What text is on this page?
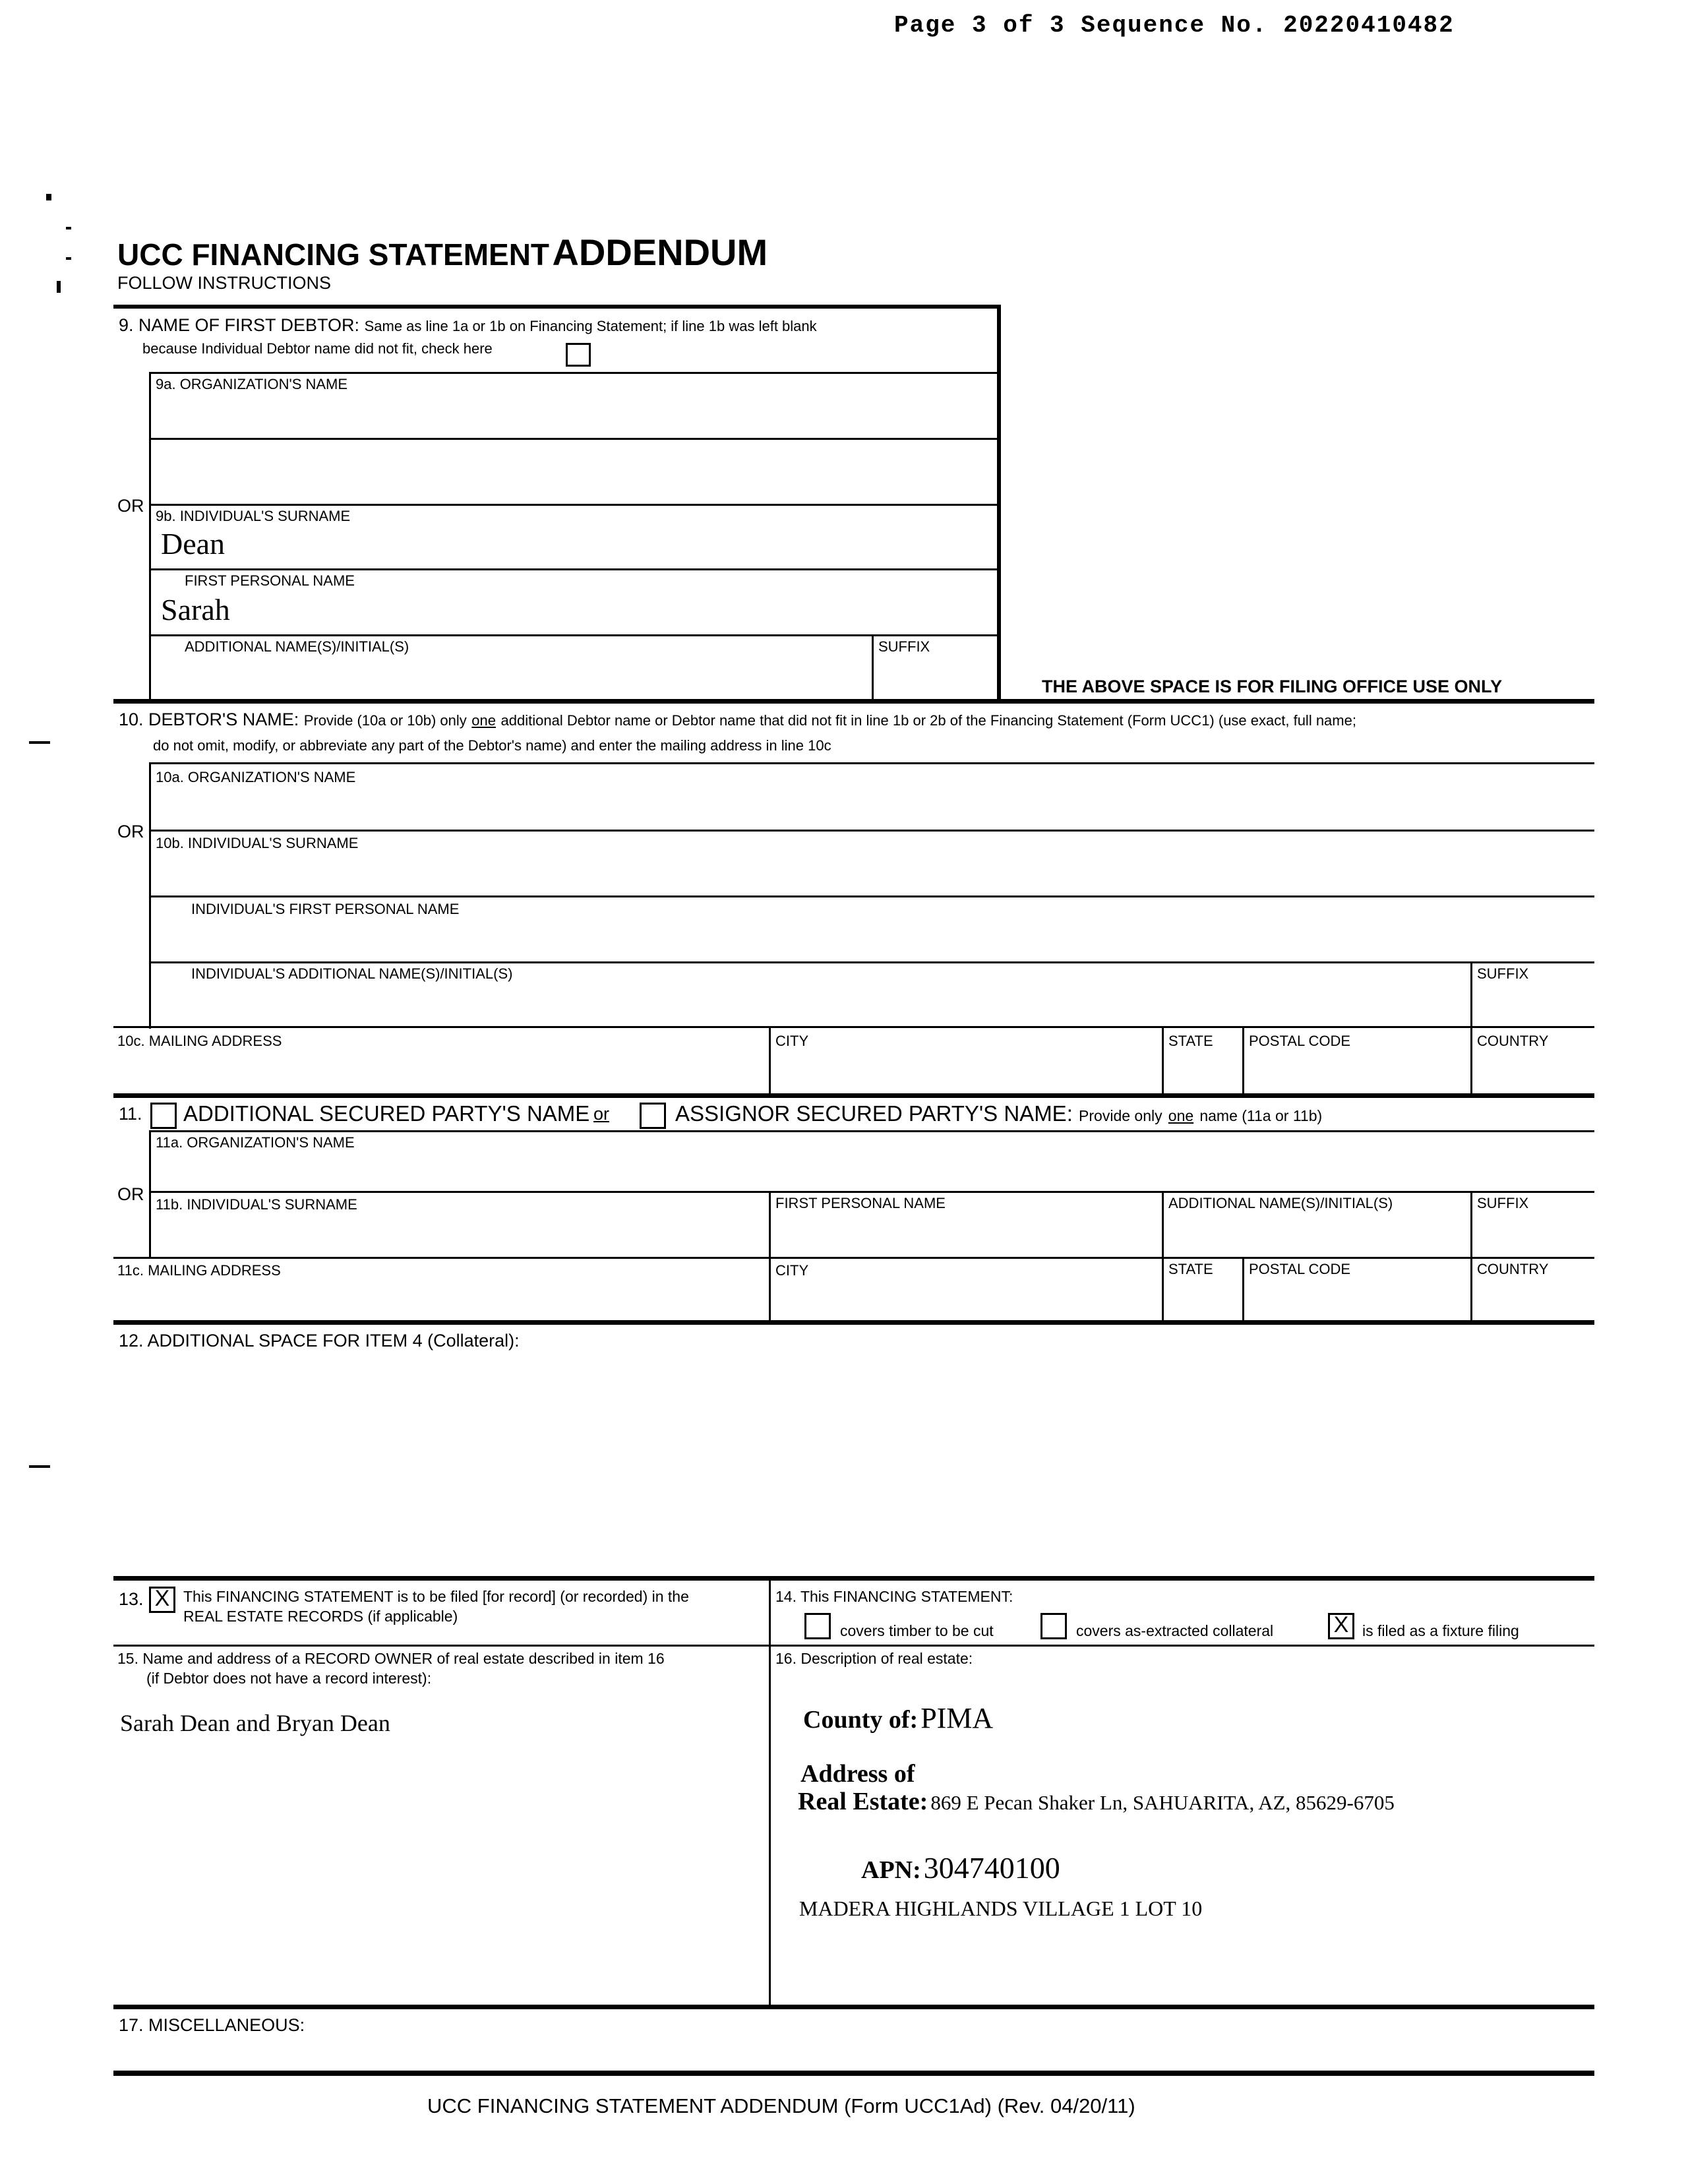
Page 3 of 3 Sequence No. 20220410482
UCC FINANCING STATEMENT ADDENDUM
FOLLOW INSTRUCTIONS
9. NAME OF FIRST DEBTOR: Same as line 1a or 1b on Financing Statement; if line 1b was left blank
because Individual Debtor name did not fit, check here
9a. ORGANIZATION'S NAME
OR
9b. INDIVIDUAL'S SURNAME
Dean
FIRST PERSONAL NAME
Sarah
ADDITIONAL NAME(S)/INITIAL(S)	SUFFIX
THE ABOVE SPACE IS FOR FILING OFFICE USE ONLY
10. DEBTOR'S NAME: Provide (10a or 10b) only one additional Debtor name or Debtor name that did not fit in line 1b or 2b of the Financing Statement (Form UCC1) (use exact, full name;
do not omit, modify, or abbreviate any part of the Debtor's name) and enter the mailing address in line 10c
10a. ORGANIZATION'S NAME
OR
10b. INDIVIDUAL'S SURNAME
INDIVIDUAL'S FIRST PERSONAL NAME
INDIVIDUAL'S ADDITIONAL NAME(S)/INITIAL(S)	SUFFIX
10c. MAILING ADDRESS	CITY	STATE POSTAL CODE	COUNTRY
11. ADDITIONAL SECURED PARTY'S NAME or	ASSIGNOR SECURED PARTY'S NAME: Provide only one name (11a or 11b)
11a. ORGANIZATION'S NAME
OR
11b. INDIVIDUAL'S SURNAME	FIRST PERSONAL NAME	ADDITIONAL NAME(S)/INITIAL(S)	SUFFIX
11c. MAILING ADDRESS	CITY	STATE POSTAL CODE	COUNTRY
12. ADDITIONAL SPACE FOR ITEM 4 (Collateral):
13. X This FINANCING STATEMENT is to be filed [for record] (or recorded) in the
REAL ESTATE RECORDS (if applicable)
14. This FINANCING STATEMENT:
covers timber to be cut	covers as-extracted collateral	X is filed as a fixture filing
15. Name and address of a RECORD OWNER of real estate described in item 16
(if Debtor does not have a record interest):
Sarah Dean and Bryan Dean
16. Description of real estate:
County of: PIMA
Address of
Real Estate: 869 E Pecan Shaker Ln, SAHUARITA, AZ, 85629-6705
APN: 304740100
MADERA HIGHLANDS VILLAGE 1 LOT 10
17. MISCELLANEOUS:
UCC FINANCING STATEMENT ADDENDUM (Form UCC1Ad) (Rev. 04/20/11)
